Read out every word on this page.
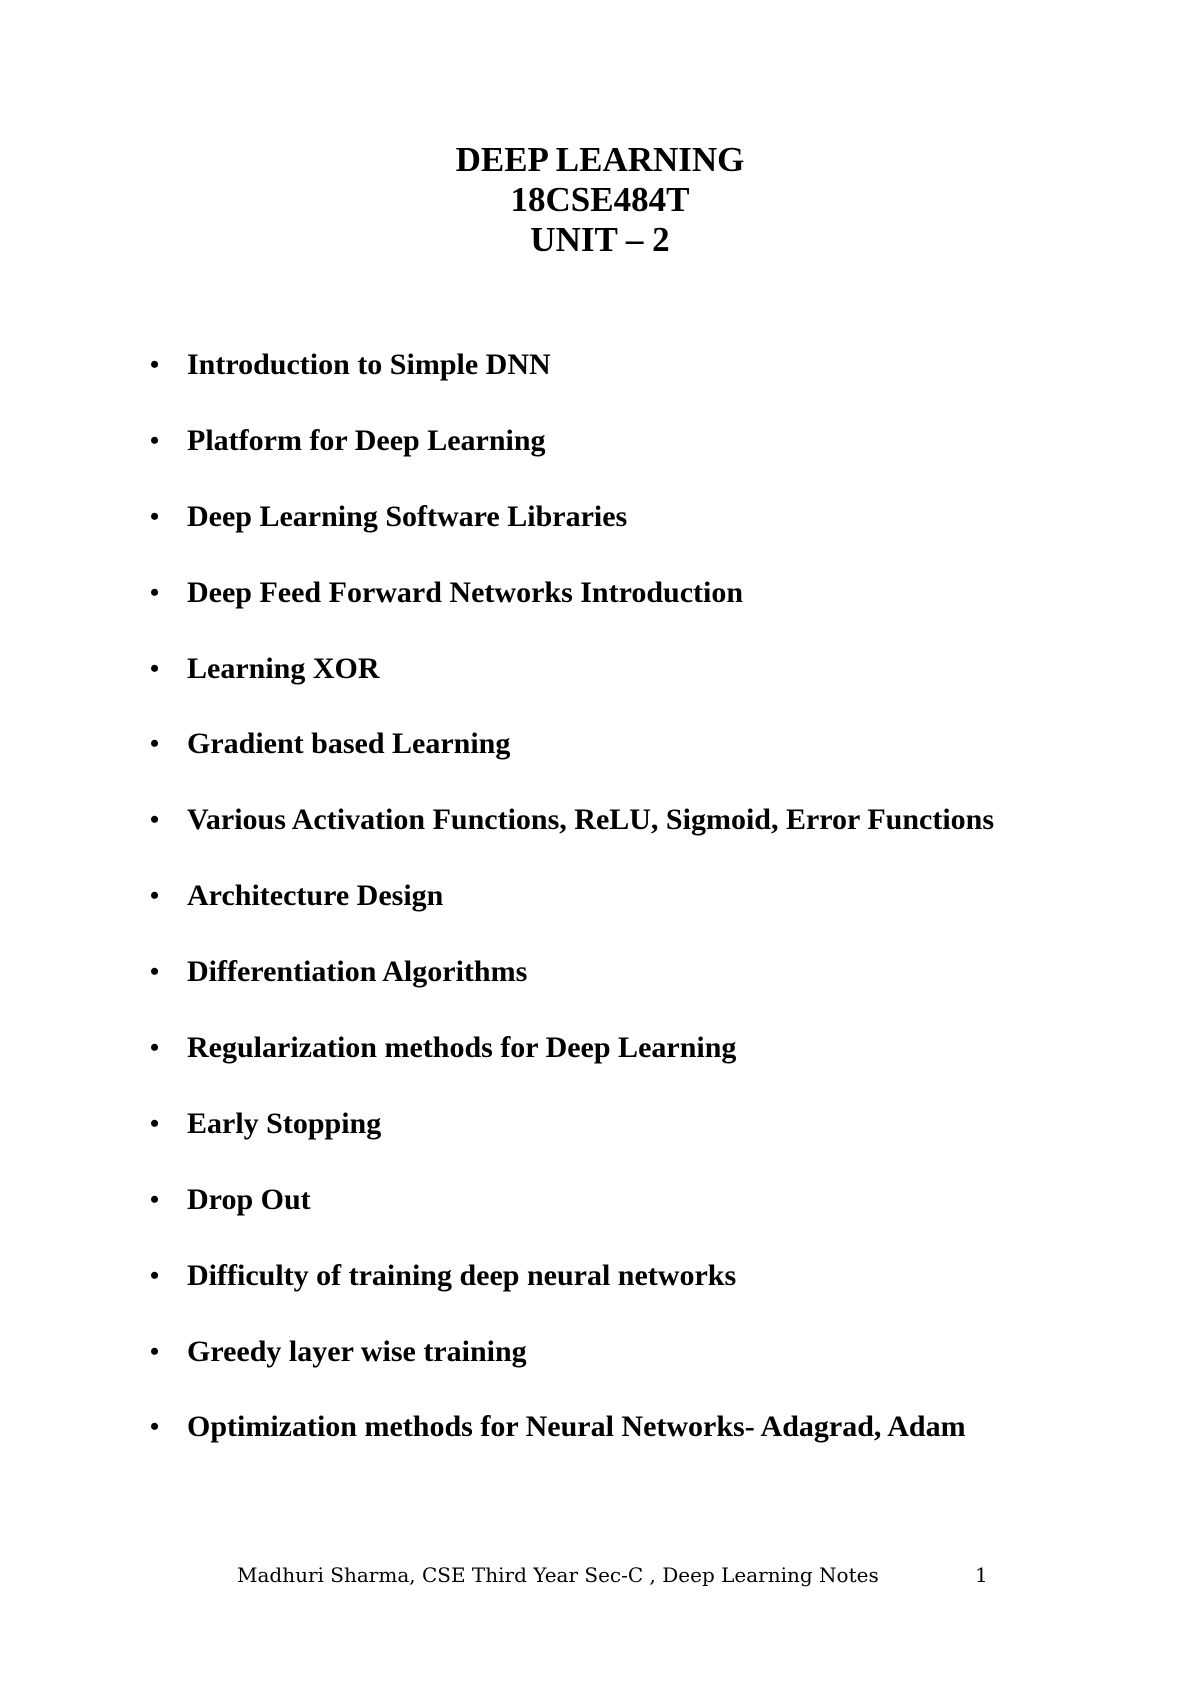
DEEP LEARNING
18CSE484T
UNIT – 2
• Introduction to Simple DNN
• Platform for Deep Learning
• Deep Learning Software Libraries
• Deep Feed Forward Networks Introduction
• Learning XOR
• Gradient based Learning
• Various Activation Functions, ReLU, Sigmoid, Error Functions
• Architecture Design
• Differentiation Algorithms
• Regularization methods for Deep Learning
• Early Stopping
• Drop Out
• Difficulty of training deep neural networks
• Greedy layer wise training
• Optimization methods for Neural Networks- Adagrad, Adam
Madhuri Sharma, CSE Third Year Sec-C , Deep Learning Notes	1
